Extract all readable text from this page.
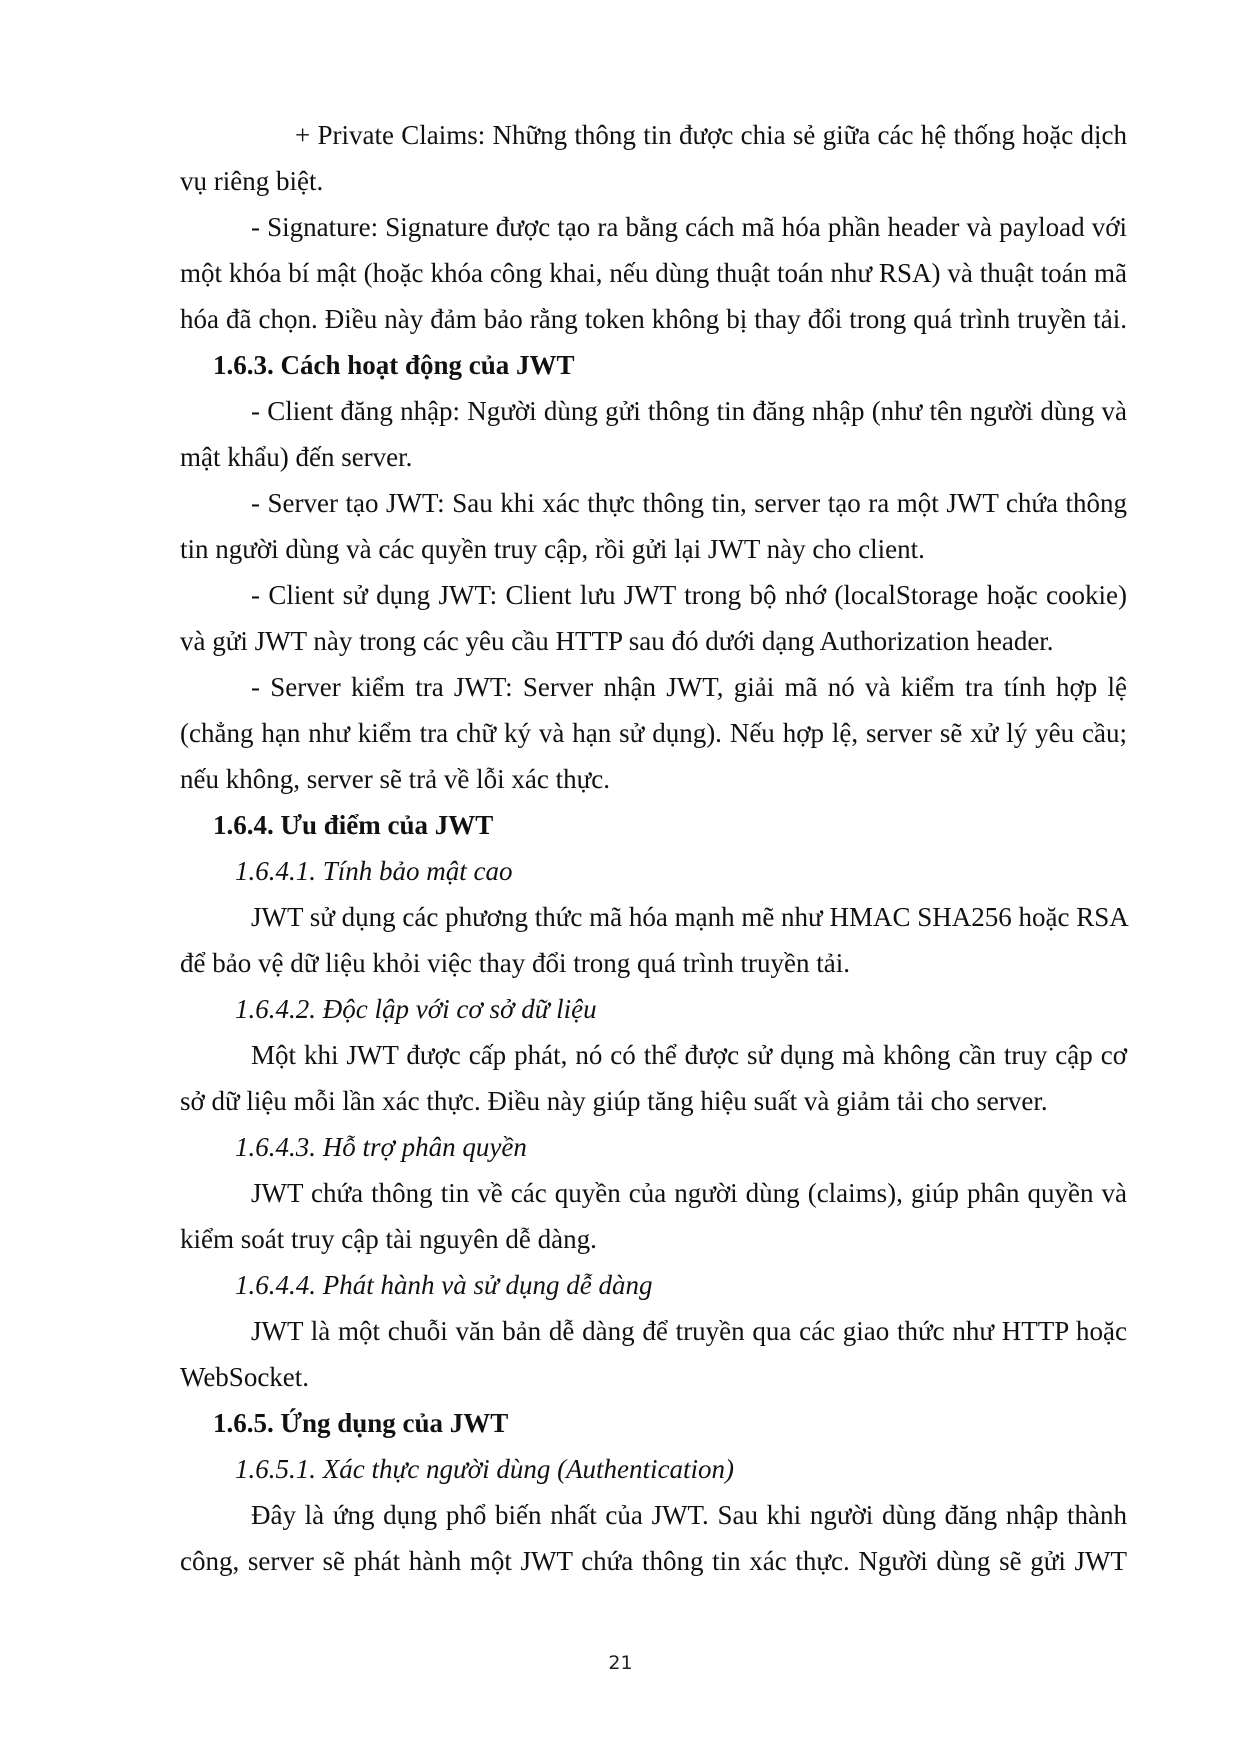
+ Private Claims: Những thông tin được chia sẻ giữa các hệ thống hoặc dịch
vụ riêng biệt.
- Signature: Signature được tạo ra bằng cách mã hóa phần header và payload với
một khóa bí mật (hoặc khóa công khai, nếu dùng thuật toán như RSA) và thuật toán mã
hóa đã chọn. Điều này đảm bảo rằng token không bị thay đổi trong quá trình truyền tải.
1.6.3. Cách hoạt động của JWT
- Client đăng nhập: Người dùng gửi thông tin đăng nhập (như tên người dùng và
mật khẩu) đến server.
- Server tạo JWT: Sau khi xác thực thông tin, server tạo ra một JWT chứa thông
tin người dùng và các quyền truy cập, rồi gửi lại JWT này cho client.
- Client sử dụng JWT: Client lưu JWT trong bộ nhớ (localStorage hoặc cookie)
và gửi JWT này trong các yêu cầu HTTP sau đó dưới dạng Authorization header.
- Server kiểm tra JWT: Server nhận JWT, giải mã nó và kiểm tra tính hợp lệ
(chẳng hạn như kiểm tra chữ ký và hạn sử dụng). Nếu hợp lệ, server sẽ xử lý yêu cầu;
nếu không, server sẽ trả về lỗi xác thực.
1.6.4. Ưu điểm của JWT
1.6.4.1. Tính bảo mật cao
JWT sử dụng các phương thức mã hóa mạnh mẽ như HMAC SHA256 hoặc RSA
để bảo vệ dữ liệu khỏi việc thay đổi trong quá trình truyền tải.
1.6.4.2. Độc lập với cơ sở dữ liệu
Một khi JWT được cấp phát, nó có thể được sử dụng mà không cần truy cập cơ
sở dữ liệu mỗi lần xác thực. Điều này giúp tăng hiệu suất và giảm tải cho server.
1.6.4.3. Hỗ trợ phân quyền
JWT chứa thông tin về các quyền của người dùng (claims), giúp phân quyền và
kiểm soát truy cập tài nguyên dễ dàng.
1.6.4.4. Phát hành và sử dụng dễ dàng
JWT là một chuỗi văn bản dễ dàng để truyền qua các giao thức như HTTP hoặc
WebSocket.
1.6.5. Ứng dụng của JWT
1.6.5.1. Xác thực người dùng (Authentication)
Đây là ứng dụng phổ biến nhất của JWT. Sau khi người dùng đăng nhập thành
công, server sẽ phát hành một JWT chứa thông tin xác thực. Người dùng sẽ gửi JWT
21
